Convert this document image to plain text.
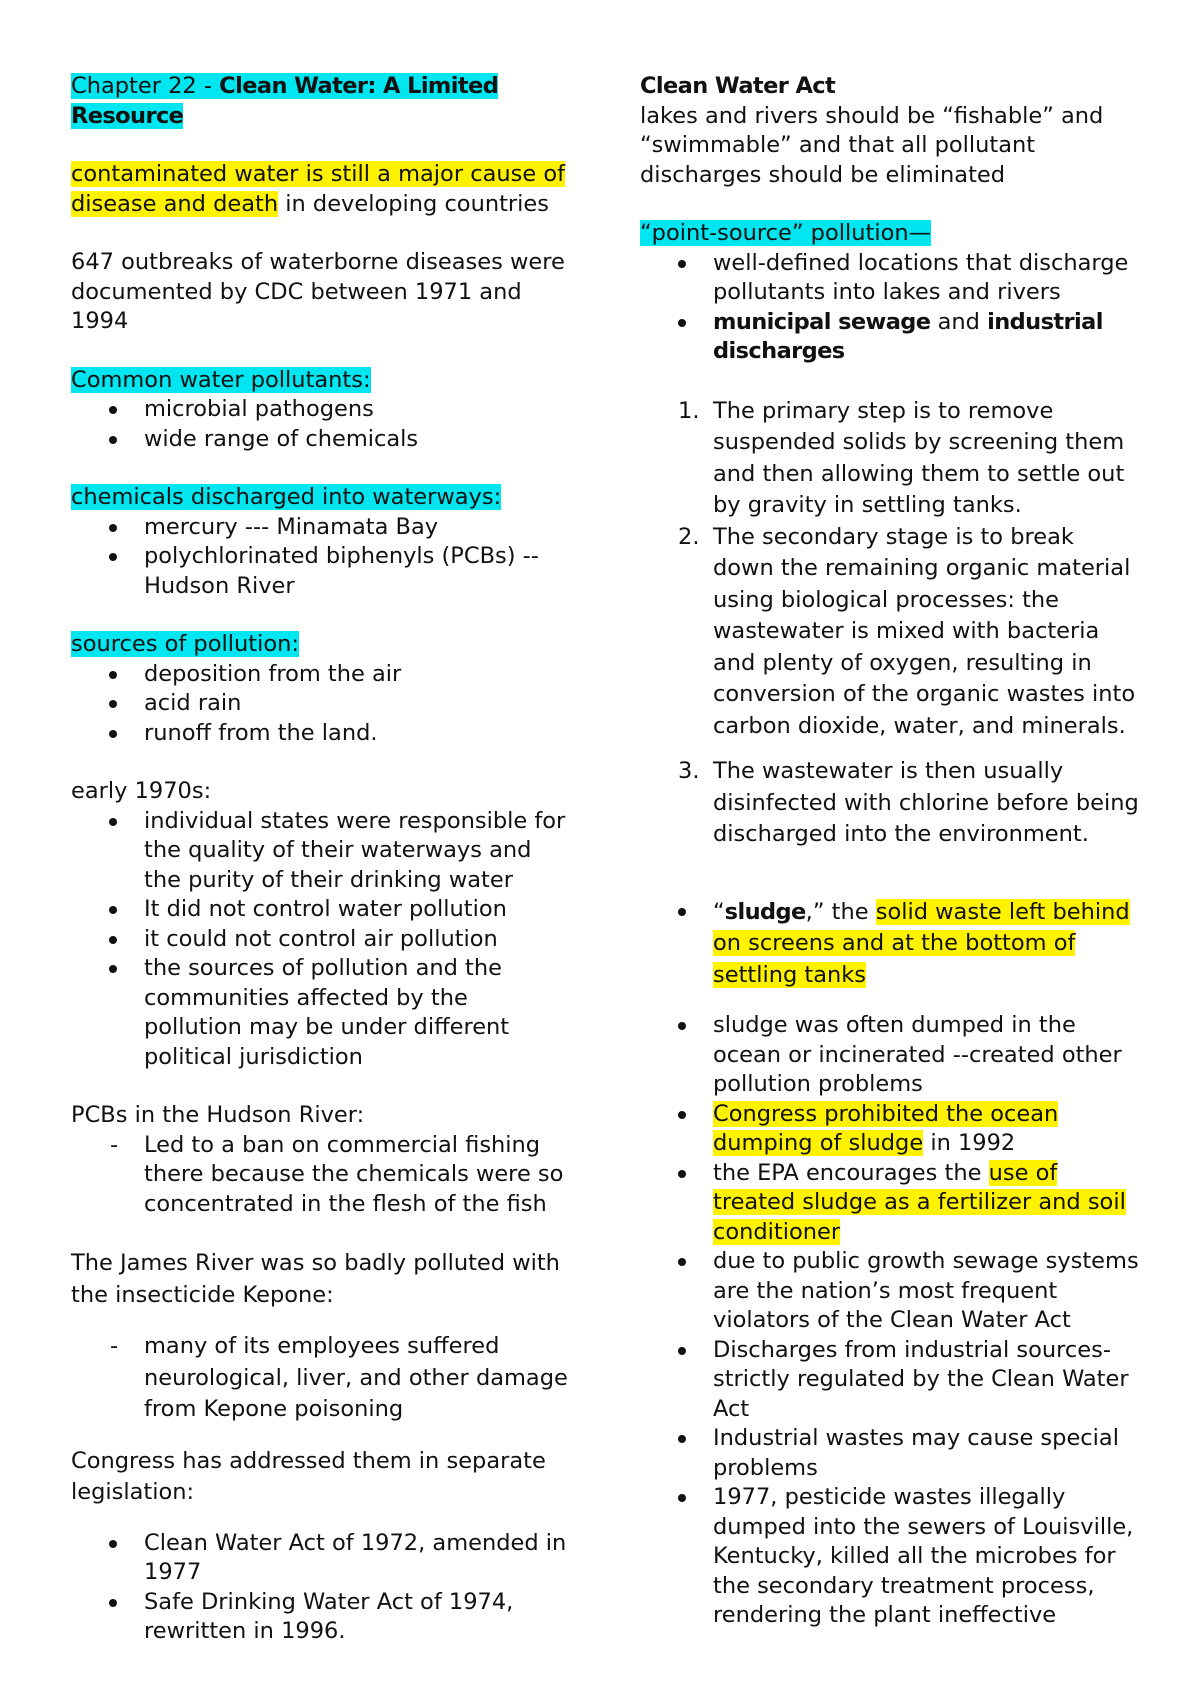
Chapter 22 - Clean Water: A Limited
Resource

contaminated water is still a major cause of disease and death in developing countries

647 outbreaks of waterborne diseases were documented by CDC between 1971 and 1994

Common water pollutants:

microbial pathogens
wide range of chemicals

chemicals discharged into waterways:

mercury --- Minamata Bay
polychlorinated biphenyls (PCBs) --Hudson River

sources of pollution:

deposition from the air
acid rain
runoff from the land.

early 1970s:

individual states were responsible for the quality of their waterways and the purity of their drinking water
It did not control water pollution
it could not control air pollution
the sources of pollution and the communities affected by the pollution may be under different political jurisdiction

PCBs in the Hudson River:

- Led to a ban on commercial fishing there because the chemicals were so concentrated in the flesh of the fish

The James River was so badly polluted with the insecticide Kepone:

- many of its employees suffered neurological, liver, and other damage from Kepone poisoning

Congress has addressed them in separate legislation:

Clean Water Act of 1972, amended in 1977
Safe Drinking Water Act of 1974, rewritten in 1996.

Clean Water Act

lakes and rivers should be “fishable” and “swimmable” and that all pollutant discharges should be eliminated

“point-source” pollution—

well-defined locations that discharge pollutants into lakes and rivers
municipal sewage and industrial discharges
1. The primary step is to remove suspended solids by screening them and then allowing them to settle out by gravity in settling tanks.
2. The secondary stage is to break down the remaining organic material using biological processes: the wastewater is mixed with bacteria and plenty of oxygen, resulting in conversion of the organic wastes into carbon dioxide, water, and minerals.
3. The wastewater is then usually disinfected with chlorine before being discharged into the environment.
“sludge,” the solid waste left behind on screens and at the bottom of settling tanks
sludge was often dumped in the ocean or incinerated --created other pollution problems
Congress prohibited the ocean dumping of sludge in 1992
the EPA encourages the use of treated sludge as a fertilizer and soil conditioner
due to public growth sewage systems are the nation’s most frequent violators of the Clean Water Act
Discharges from industrial sources- strictly regulated by the Clean Water Act
Industrial wastes may cause special problems
1977, pesticide wastes illegally dumped into the sewers of Louisville, Kentucky, killed all the microbes for the secondary treatment process, rendering the plant ineffective
